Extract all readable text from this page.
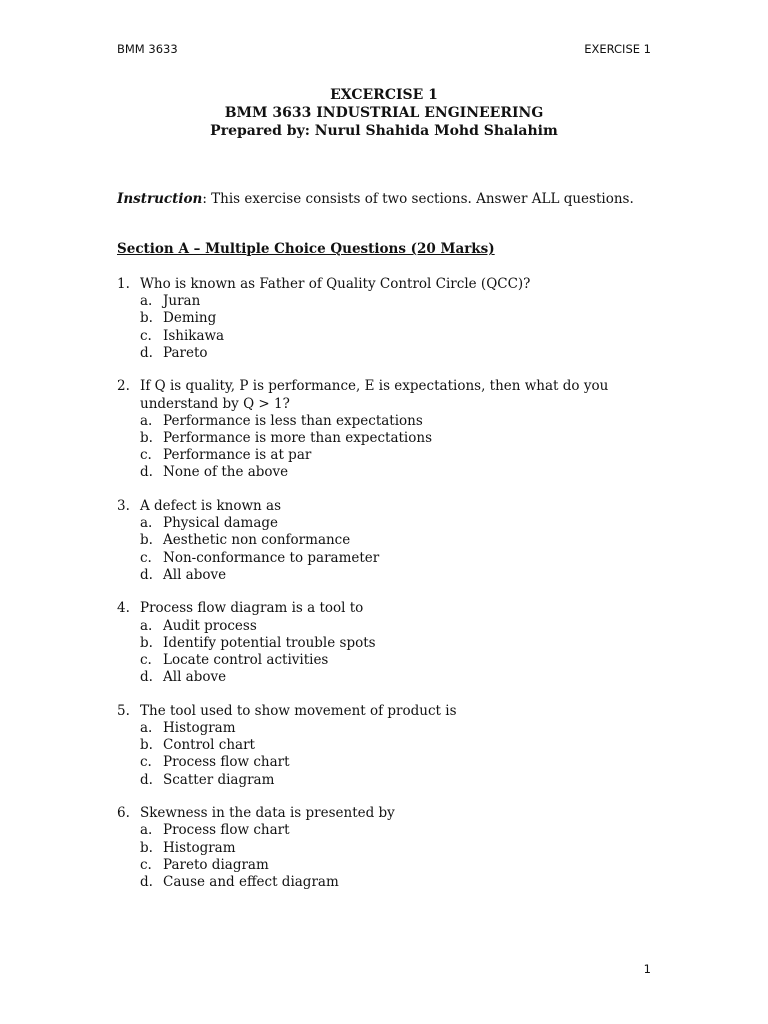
BMM 3633	EXERCISE 1
EXCERCISE 1
BMM 3633 INDUSTRIAL ENGINEERING
Prepared by: Nurul Shahida Mohd Shalahim
Instruction: This exercise consists of two sections. Answer ALL questions.
Section A – Multiple Choice Questions (20 Marks)
1. Who is known as Father of Quality Control Circle (QCC)?
a. Juran
b. Deming
c. Ishikawa
d. Pareto
2. If Q is quality, P is performance, E is expectations, then what do you understand by Q > 1?
a. Performance is less than expectations
b. Performance is more than expectations
c. Performance is at par
d. None of the above
3. A defect is known as
a. Physical damage
b. Aesthetic non conformance
c. Non-conformance to parameter
d. All above
4. Process flow diagram is a tool to
a. Audit process
b. Identify potential trouble spots
c. Locate control activities
d. All above
5. The tool used to show movement of product is
a. Histogram
b. Control chart
c. Process flow chart
d. Scatter diagram
6. Skewness in the data is presented by
a. Process flow chart
b. Histogram
c. Pareto diagram
d. Cause and effect diagram
1
